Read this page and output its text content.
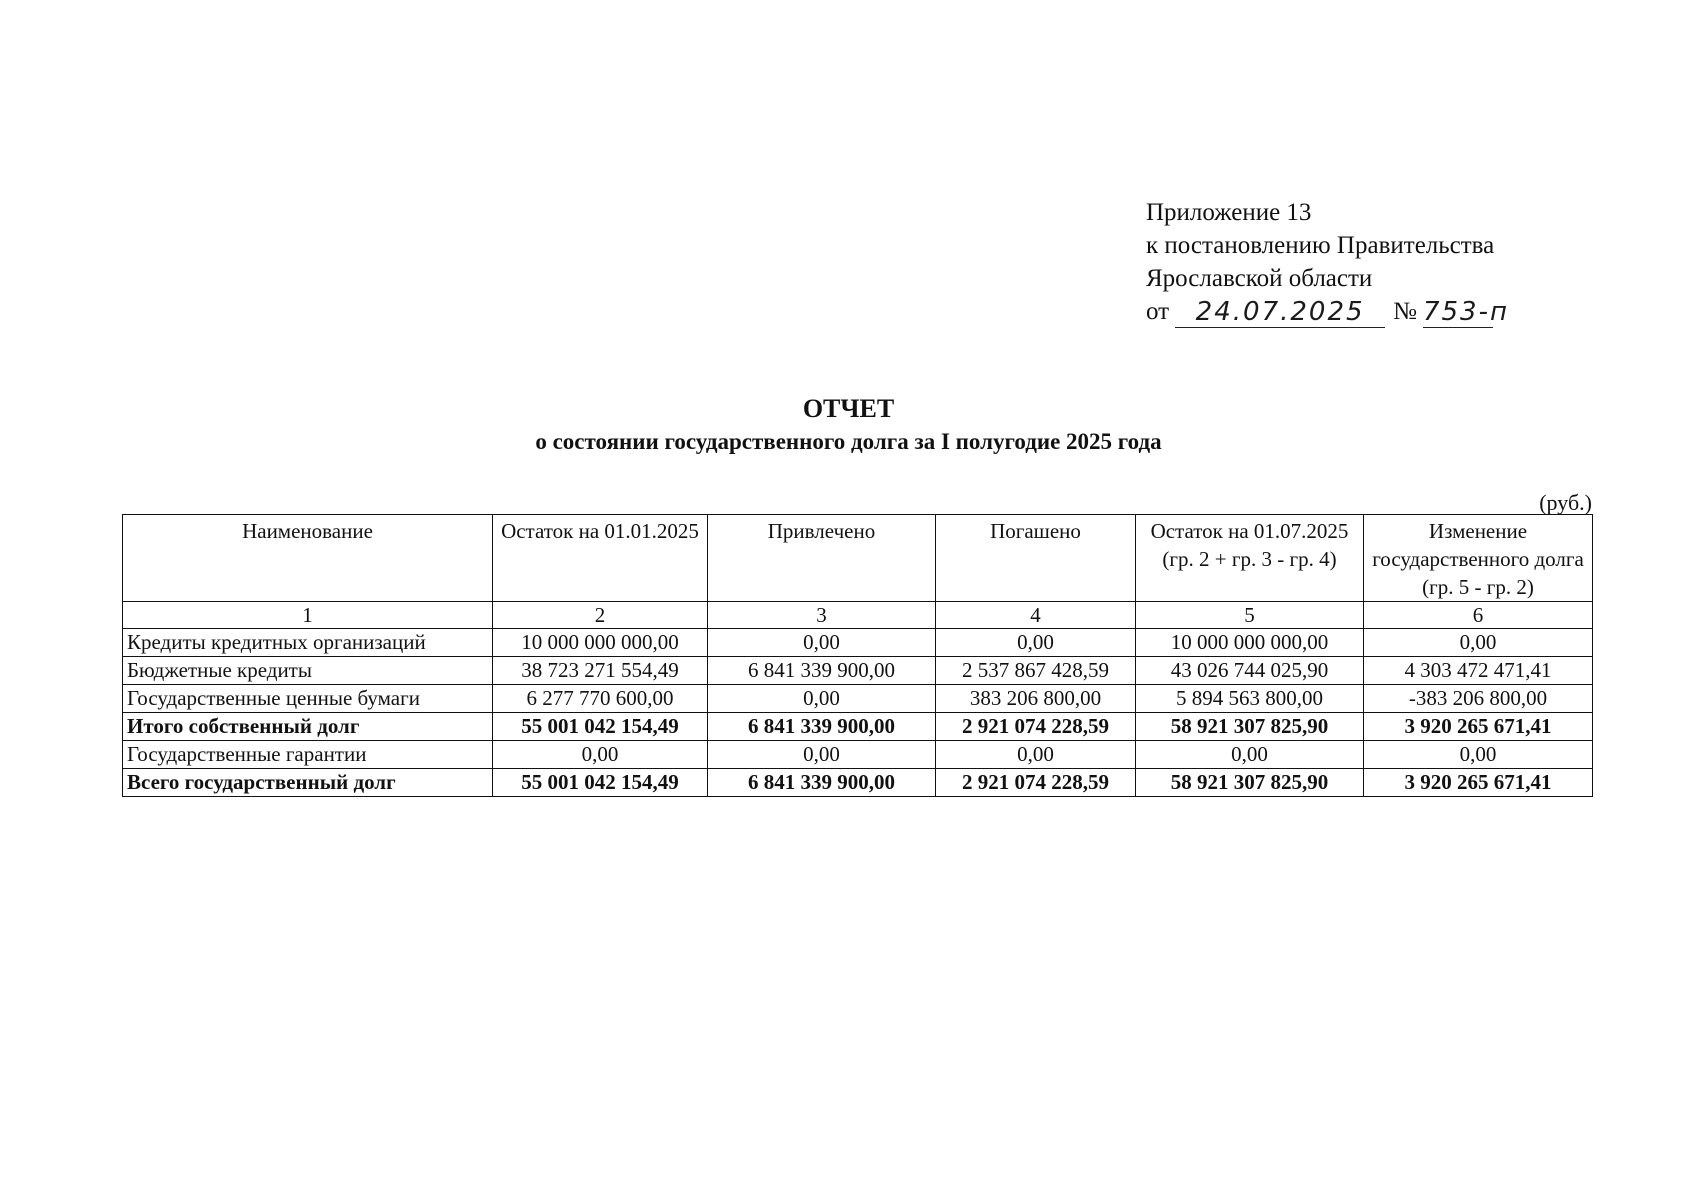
Приложение 13
к постановлению Правительства
Ярославской области
от	24.07.2025	№ 753-п
ОТЧЕТ
о состоянии государственного долга за I полугодие 2025 года
(руб.)
Наименование	Остаток на 01.01.2025	Привлечено	Погашено	Остаток на 01.07.2025 (гр. 2 + гр. 3 - гр. 4)	Изменение государственного долга (гр. 5 - гр. 2)
1	2	3	4	5	6
Кредиты кредитных организаций	10 000 000 000,00	0,00	0,00	10 000 000 000,00	0,00
Бюджетные кредиты	38 723 271 554,49	6 841 339 900,00	2 537 867 428,59	43 026 744 025,90	4 303 472 471,41
Государственные ценные бумаги	6 277 770 600,00	0,00	383 206 800,00	5 894 563 800,00	-383 206 800,00
Итого собственный долг	55 001 042 154,49	6 841 339 900,00	2 921 074 228,59	58 921 307 825,90	3 920 265 671,41
Государственные гарантии	0,00	0,00	0,00	0,00	0,00
Всего государственный долг	55 001 042 154,49	6 841 339 900,00	2 921 074 228,59	58 921 307 825,90	3 920 265 671,41
